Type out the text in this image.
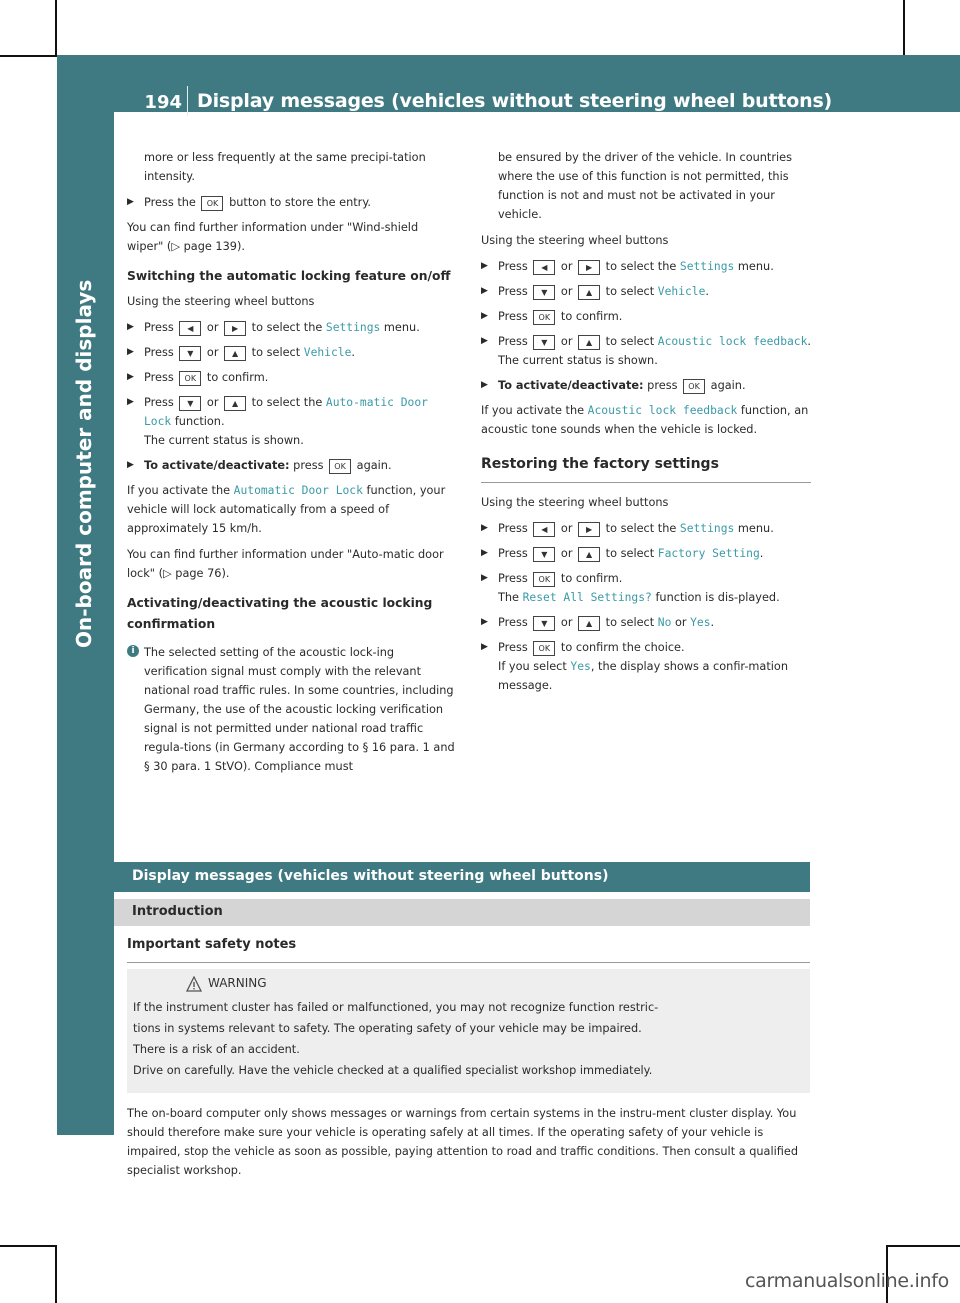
194 Display messages (vehicles without steering wheel buttons)
On-board computer and displays
more or less frequently at the same precipi-tation intensity.
▶ Press the OK button to store the entry.

You can find further information under "Wind-shield wiper" (▷ page 139).

Switching the automatic locking feature on/off

Using the steering wheel buttons

▶ Press ◀ or ▶ to select the Settings menu.
▶ Press ▼ or ▲ to select Vehicle.
▶ Press OK to confirm.
▶ Press ▼ or ▲ to select the Auto-matic Door Lock function.
The current status is shown.
▶ To activate/deactivate: press OK again.

If you activate the Automatic Door Lock function, your vehicle will lock automatically from a speed of approximately 15 km/h.

You can find further information under "Auto-matic door lock" (▷ page 76).

Activating/deactivating the acoustic locking confirmation
i The selected setting of the acoustic lock-ing verification signal must comply with the relevant national road traffic rules. In some countries, including Germany, the use of the acoustic locking verification signal is not permitted under national road traffic regula-tions (in Germany according to § 16 para. 1 and § 30 para. 1 StVO). Compliance must
be ensured by the driver of the vehicle. In countries where the use of this function is not permitted, this function is not and must not be activated in your vehicle.

Using the steering wheel buttons

▶ Press ◀ or ▶ to select the Settings menu.
▶ Press ▼ or ▲ to select Vehicle.
▶ Press OK to confirm.
▶ Press ▼ or ▲ to select Acoustic lock feedback.
The current status is shown.
▶ To activate/deactivate: press OK again.

If you activate the Acoustic lock feedback function, an acoustic tone sounds when the vehicle is locked.

Restoring the factory settings

Using the steering wheel buttons

▶ Press ◀ or ▶ to select the Settings menu.
▶ Press ▼ or ▲ to select Factory Setting.
▶ Press OK to confirm.
The Reset All Settings? function is dis-played.
▶ Press ▼ or ▲ to select No or Yes.
▶ Press OK to confirm the choice.
If you select Yes, the display shows a confir-mation message.
Display messages (vehicles without steering wheel buttons)
Introduction
Important safety notes
WARNING

If the instrument cluster has failed or malfunctioned, you may not recognize function restric-

tions in systems relevant to safety. The operating safety of your vehicle may be impaired.

There is a risk of an accident.

Drive on carefully. Have the vehicle checked at a qualified specialist workshop immediately.

The on-board computer only shows messages or warnings from certain systems in the instru-ment cluster display. You should therefore make sure your vehicle is operating safely at all times. If the operating safety of your vehicle is impaired, stop the vehicle as soon as possible, paying attention to road and traffic conditions. Then consult a qualified specialist workshop.
carmanualsonline.info
